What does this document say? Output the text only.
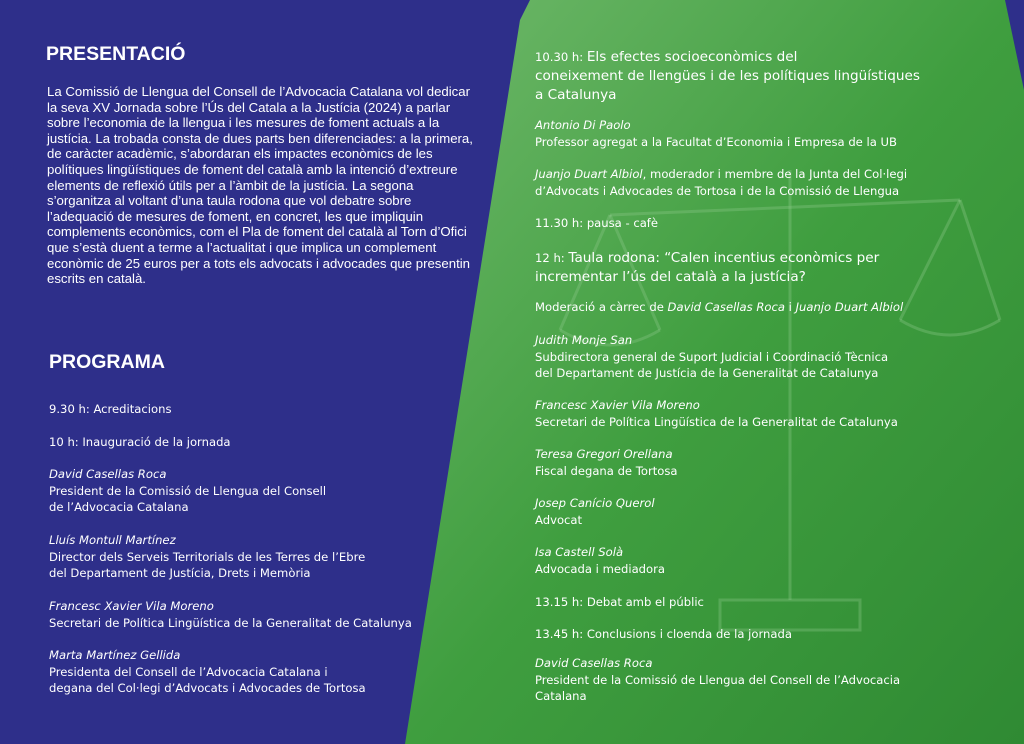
PRESENTACIÓ

La Comissió de Llengua del Consell de l’Advocacia Catalana vol dedicar la seva XV Jornada sobre l’Ús del Catala a la Justícia (2024) a parlar sobre l’economia de la llengua i les mesures de foment actuals a la justícia. La trobada consta de dues parts ben diferenciades: a la primera, de caràcter acadèmic, s’abordaran els impactes econòmics de les polítiques lingüístiques de foment del català amb la intenció d’extreure elements de reflexió útils per a l’àmbit de la justícia. La segona s’organitza al voltant d’una taula rodona que vol debatre sobre l’adequació de mesures de foment, en concret, les que impliquin complements econòmics, com el Pla de foment del català al Torn d’Ofici que s’està duent a terme a l’actualitat i que implica un complement econòmic de 25 euros per a tots els advocats i advocades que presentin escrits en català.

PROGRAMA
9.30 h: Acreditacions
10 h: Inauguració de la jornada
David Casellas Roca
President de la Comissió de Llengua del Consell
de l’Advocacia Catalana
Lluís Montull Martínez
Director dels Serveis Territorials de les Terres de l’Ebre
del Departament de Justícia, Drets i Memòria
Francesc Xavier Vila Moreno
Secretari de Política Lingüística de la Generalitat de Catalunya
Marta Martínez Gellida
Presidenta del Consell de l’Advocacia Catalana i
degana del Col·legi d’Advocats i Advocades de Tortosa
10.30 h: Els efectes socioeconòmics del
coneixement de llengües i de les polítiques lingüístiques
a Catalunya
Antonio Di Paolo
Professor agregat a la Facultat d’Economia i Empresa de la UB
Juanjo Duart Albiol, moderador i membre de la Junta del Col·legi
d’Advocats i Advocades de Tortosa i de la Comissió de Llengua
11.30 h: pausa - cafè
12 h: Taula rodona: “Calen incentius econòmics per
incrementar l’ús del català a la justícia?
Moderació a càrrec de David Casellas Roca i Juanjo Duart Albiol
Judith Monje San
Subdirectora general de Suport Judicial i Coordinació Tècnica
del Departament de Justícia de la Generalitat de Catalunya
Francesc Xavier Vila Moreno
Secretari de Política Lingüística de la Generalitat de Catalunya
Teresa Gregori Orellana
Fiscal degana de Tortosa
Josep Canício Querol
Advocat
Isa Castell Solà
Advocada i mediadora
13.15 h: Debat amb el públic
13.45 h: Conclusions i cloenda de la jornada
David Casellas Roca
President de la Comissió de Llengua del Consell de l’Advocacia
Catalana
